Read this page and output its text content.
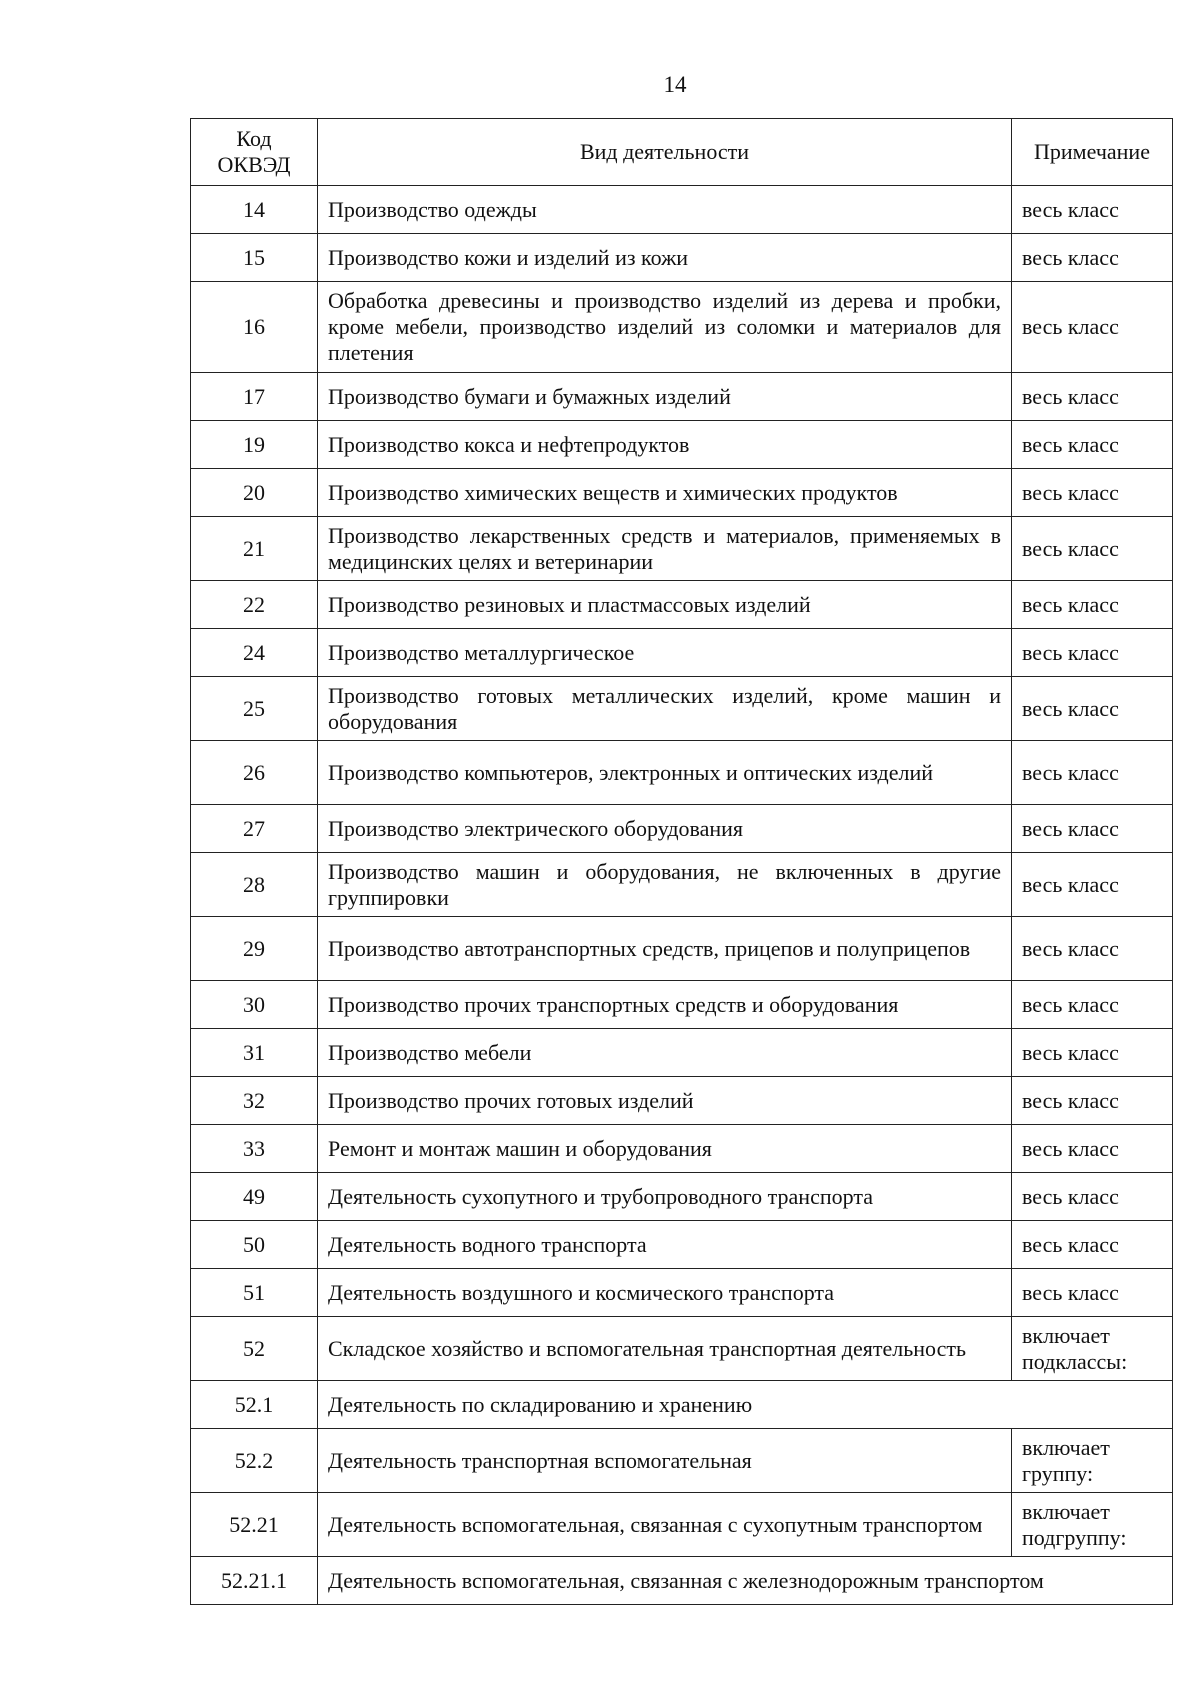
14
Код ОКВЭД	Вид деятельности	Примечание
14	Производство одежды	весь класс
15	Производство кожи и изделий из кожи	весь класс
16	Обработка древесины и производство изделий из дерева и пробки, кроме мебели, производство изделий из соломки и материалов для плетения	весь класс
17	Производство бумаги и бумажных изделий	весь класс
19	Производство кокса и нефтепродуктов	весь класс
20	Производство химических веществ и химических продуктов	весь класс
21	Производство лекарственных средств и материалов, применяемых в медицинских целях и ветеринарии	весь класс
22	Производство резиновых и пластмассовых изделий	весь класс
24	Производство металлургическое	весь класс
25	Производство готовых металлических изделий, кроме машин и оборудования	весь класс
26	Производство компьютеров, электронных и оптических изделий	весь класс
27	Производство электрического оборудования	весь класс
28	Производство машин и оборудования, не включенных в другие группировки	весь класс
29	Производство автотранспортных средств, прицепов и полуприцепов	весь класс
30	Производство прочих транспортных средств и оборудования	весь класс
31	Производство мебели	весь класс
32	Производство прочих готовых изделий	весь класс
33	Ремонт и монтаж машин и оборудования	весь класс
49	Деятельность сухопутного и трубопроводного транспорта	весь класс
50	Деятельность водного транспорта	весь класс
51	Деятельность воздушного и космического транспорта	весь класс
52	Складское хозяйство и вспомогательная транспортная деятельность	включает
подклассы:

52.1	Деятельность по складированию и хранению	
52.2	Деятельность транспортная вспомогательная	включает
группу:

52.21	Деятельность вспомогательная, связанная с сухопутным транспортом	включает
подгруппу:

52.21.1	Деятельность вспомогательная, связанная с железнодорожным транспортом	
